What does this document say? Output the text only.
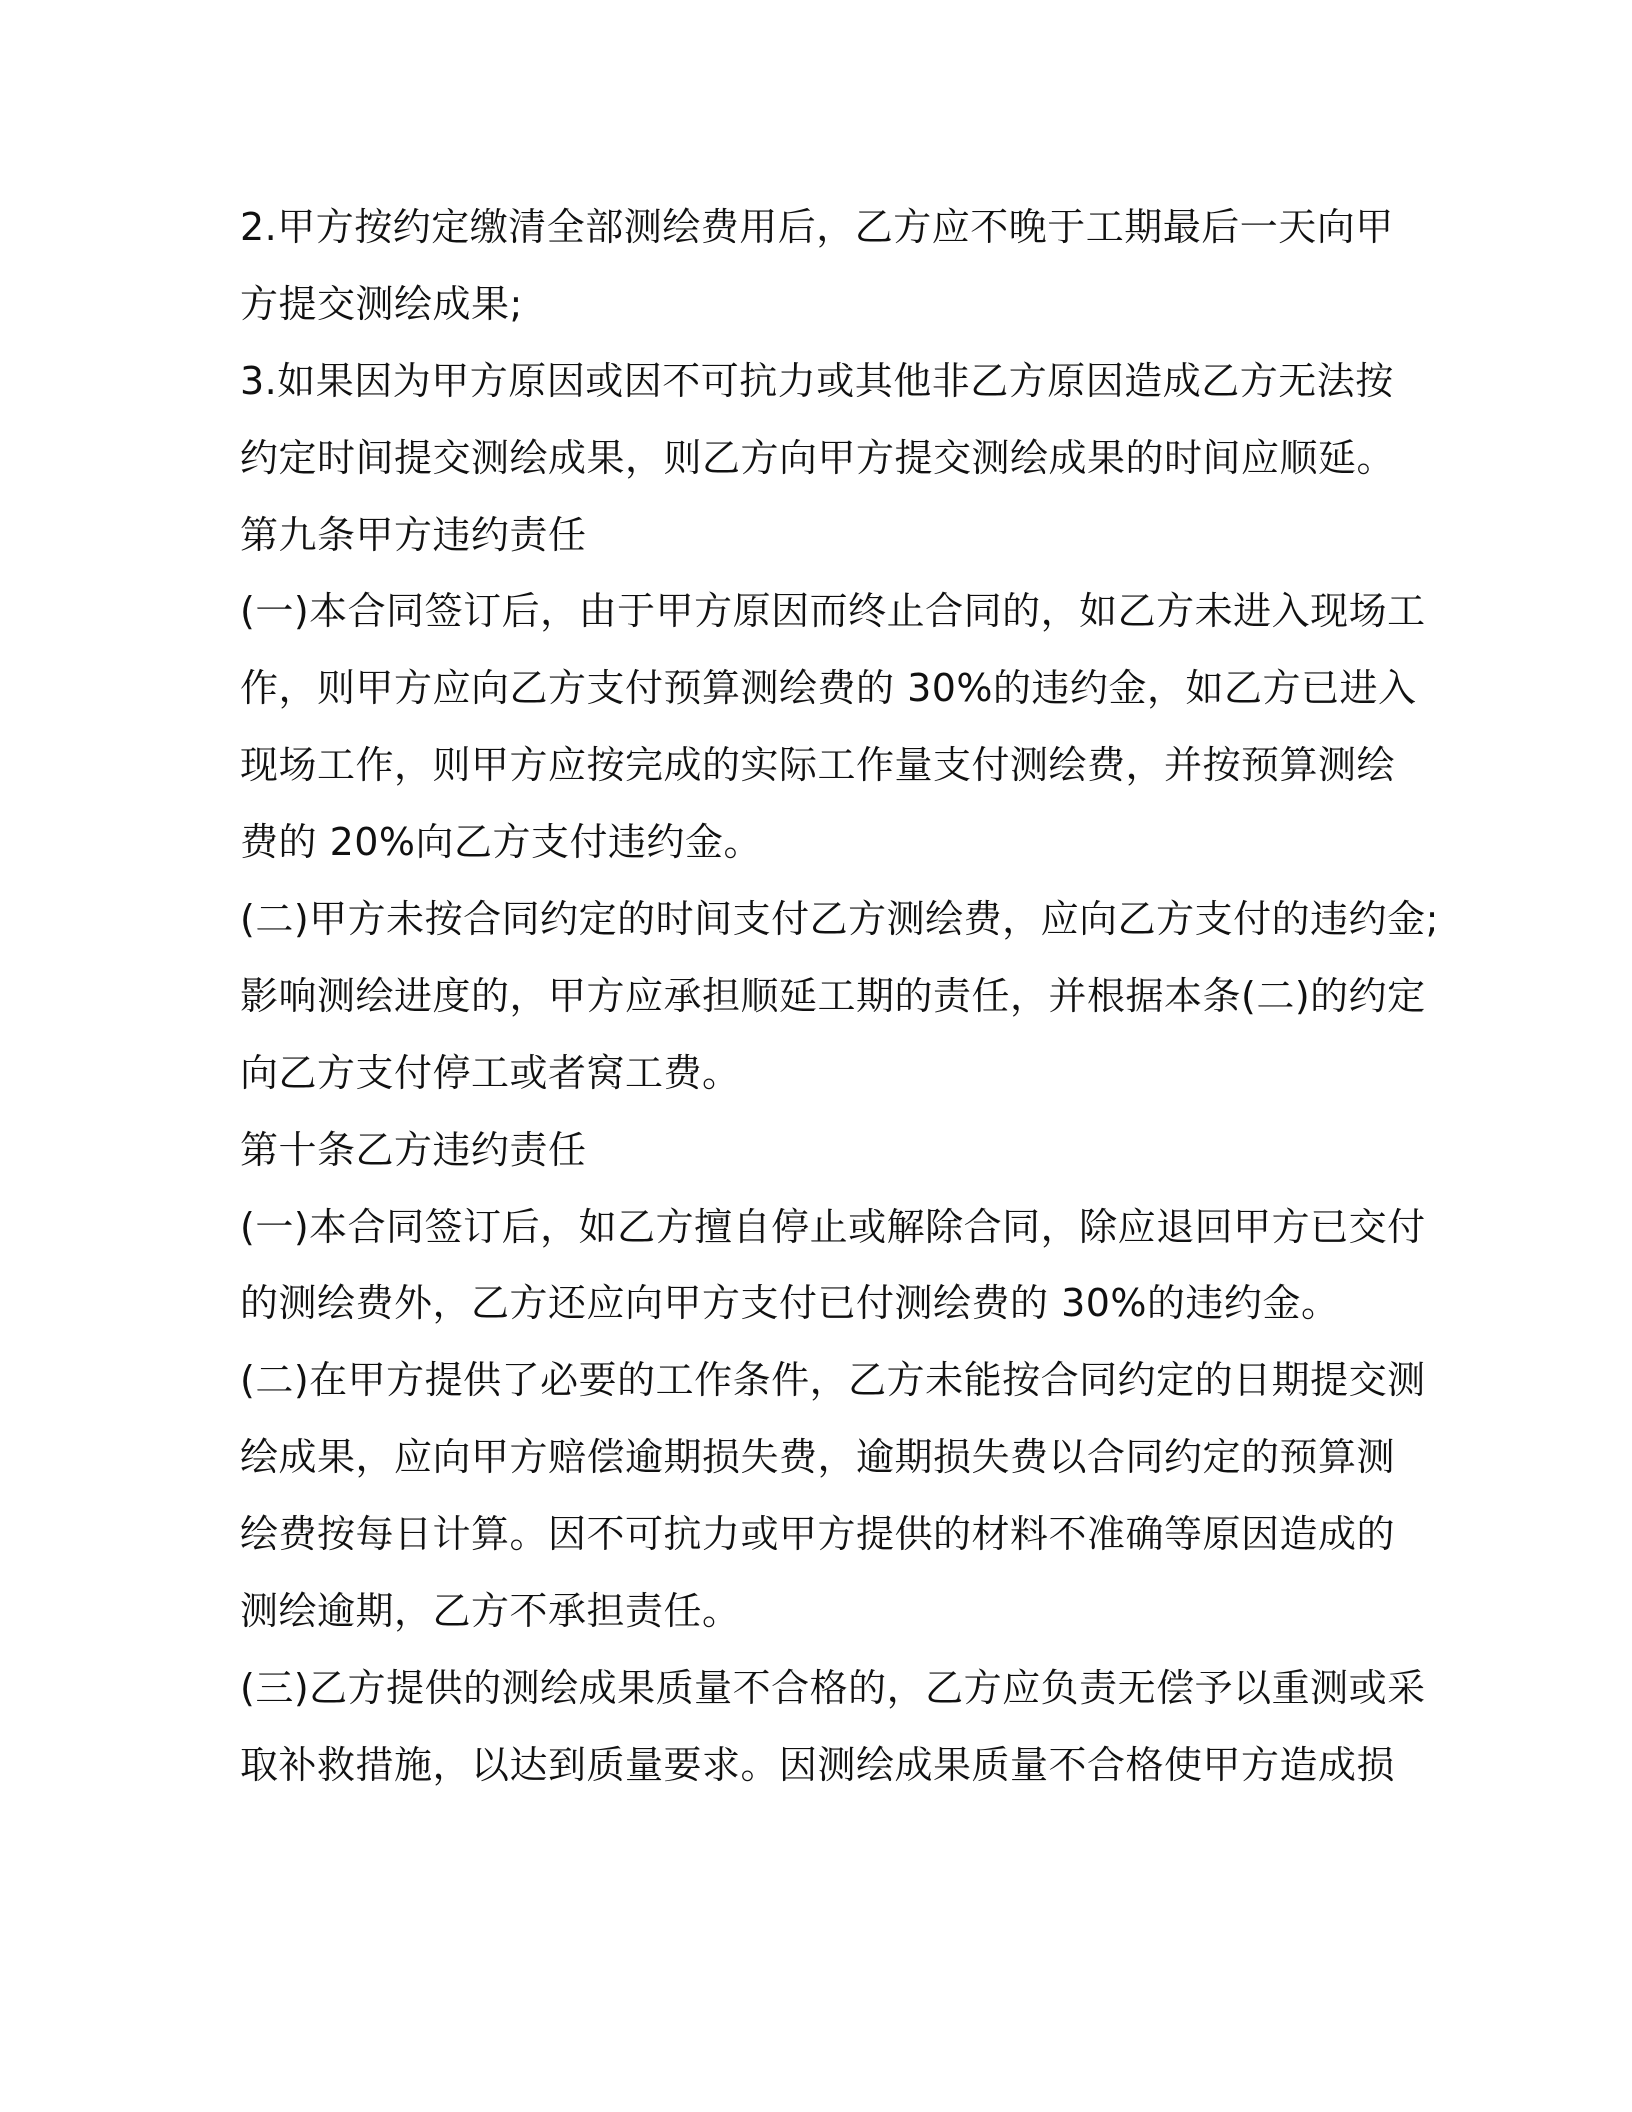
2.甲方按约定缴清全部测绘费用后，乙方应不晚于工期最后一天向甲
方提交测绘成果;
3.如果因为甲方原因或因不可抗力或其他非乙方原因造成乙方无法按
约定时间提交测绘成果，则乙方向甲方提交测绘成果的时间应顺延。
第九条甲方违约责任
(一)本合同签订后，由于甲方原因而终止合同的，如乙方未进入现场工
作，则甲方应向乙方支付预算测绘费的 30%的违约金，如乙方已进入
现场工作，则甲方应按完成的实际工作量支付测绘费，并按预算测绘
费的 20%向乙方支付违约金。
(二)甲方未按合同约定的时间支付乙方测绘费，应向乙方支付的违约金;
影响测绘进度的，甲方应承担顺延工期的责任，并根据本条(二)的约定
向乙方支付停工或者窝工费。
第十条乙方违约责任
(一)本合同签订后，如乙方擅自停止或解除合同，除应退回甲方已交付
的测绘费外，乙方还应向甲方支付已付测绘费的 30%的违约金。
(二)在甲方提供了必要的工作条件，乙方未能按合同约定的日期提交测
绘成果，应向甲方赔偿逾期损失费，逾期损失费以合同约定的预算测
绘费按每日计算。因不可抗力或甲方提供的材料不准确等原因造成的
测绘逾期，乙方不承担责任。
(三)乙方提供的测绘成果质量不合格的，乙方应负责无偿予以重测或采
取补救措施，以达到质量要求。因测绘成果质量不合格使甲方造成损
